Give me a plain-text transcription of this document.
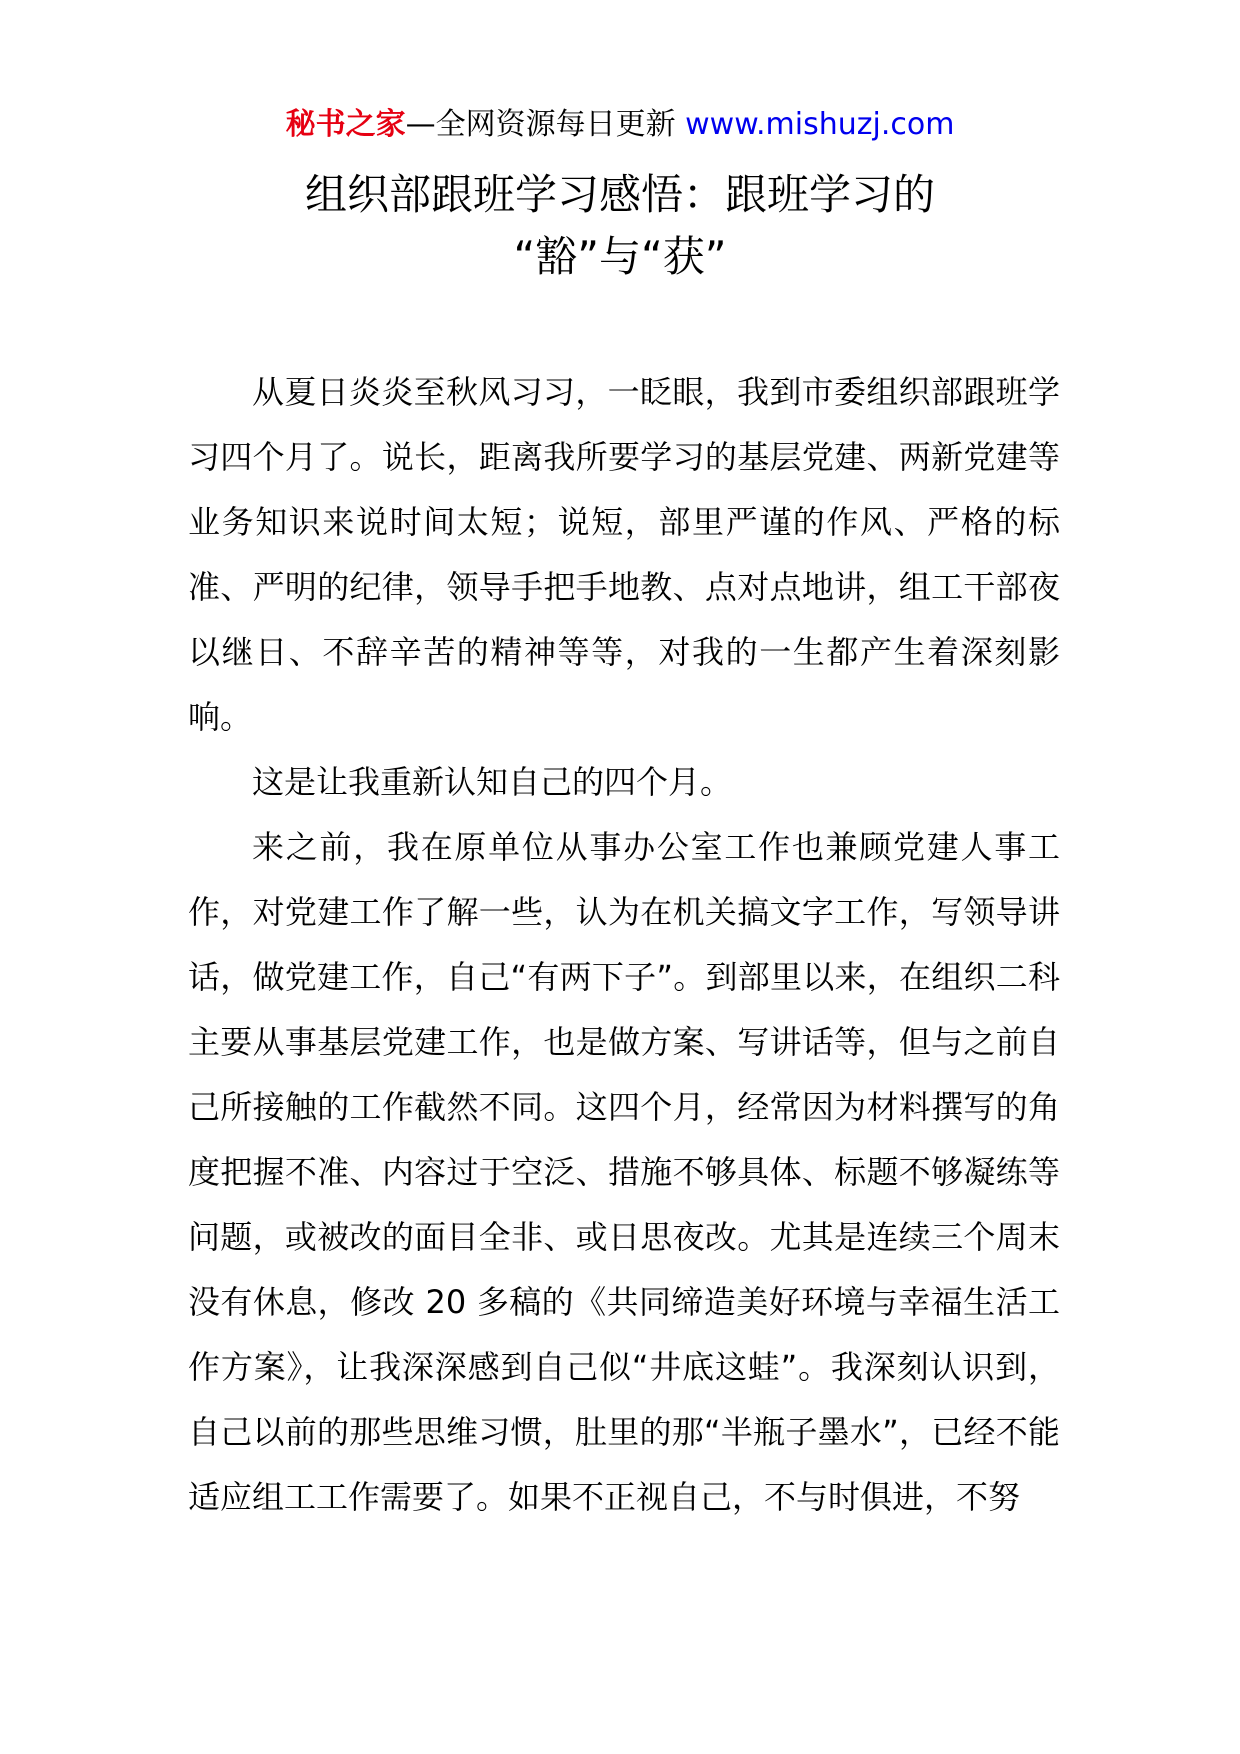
秘书之家—全网资源每日更新 www.mishuzj.com
组织部跟班学习感悟：跟班学习的
“豁”与“获”

从夏日炎炎至秋风习习，一眨眼，我到市委组织部跟班学习四个月了。说长，距离我所要学习的基层党建、两新党建等业务知识来说时间太短；说短，部里严谨的作风、严格的标准、严明的纪律，领导手把手地教、点对点地讲，组工干部夜以继日、不辞辛苦的精神等等，对我的一生都产生着深刻影响。

这是让我重新认知自己的四个月。

来之前，我在原单位从事办公室工作也兼顾党建人事工作，对党建工作了解一些，认为在机关搞文字工作，写领导讲话，做党建工作，自己“有两下子”。到部里以来，在组织二科主要从事基层党建工作，也是做方案、写讲话等，但与之前自己所接触的工作截然不同。这四个月，经常因为材料撰写的角度把握不准、内容过于空泛、措施不够具体、标题不够凝练等问题，或被改的面目全非、或日思夜改。尤其是连续三个周末没有休息，修改 20 多稿的《共同缔造美好环境与幸福生活工作方案》，让我深深感到自己似“井底这蛙”。我深刻认识到，自己以前的那些思维习惯，肚里的那“半瓶子墨水”，已经不能适应组工工作需要了。如果不正视自己，不与时俱进，不努
